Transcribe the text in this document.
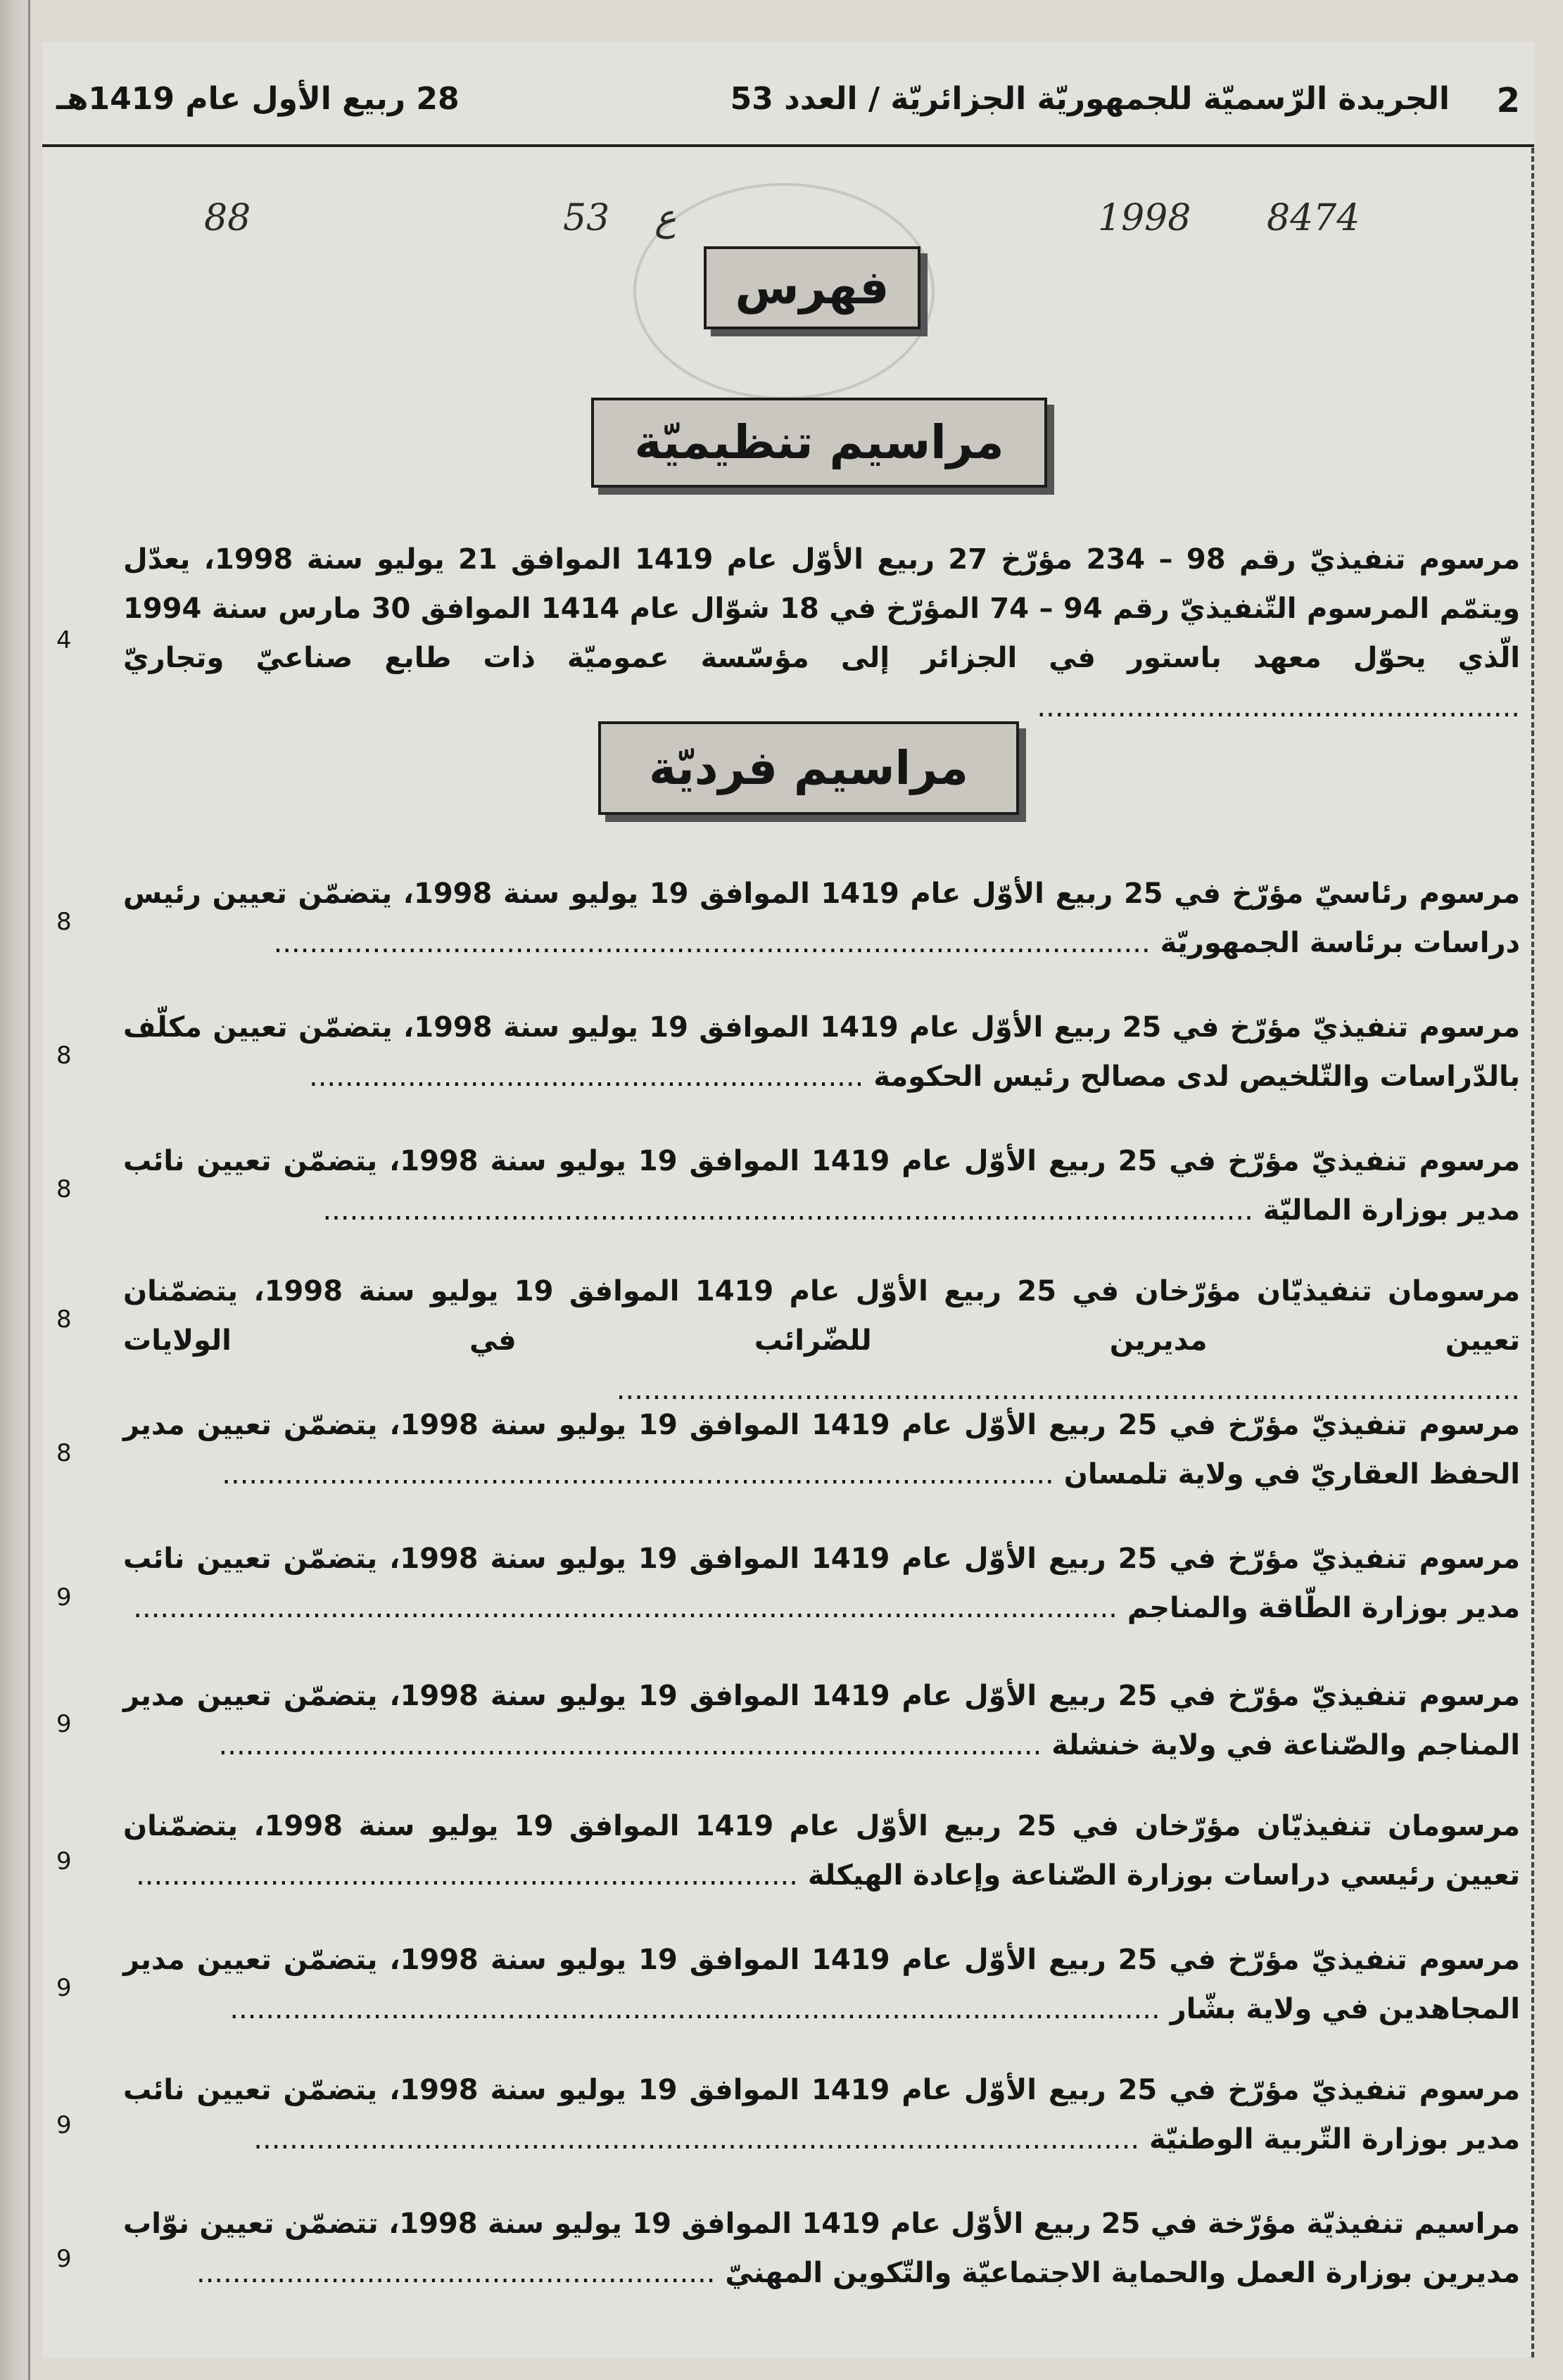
2
الجريدة الرّسميّة للجمهوريّة الجزائريّة / العدد 53
28 ربيع الأول عام 1419هـ
8474
1998
ع
53
88
فهرس
مراسيم تنظيميّة
مرسوم تنفيذيّ رقم 98 – 234 مؤرّخ 27 ربيع الأوّل عام 1419 الموافق 21 يوليو سنة 1998، يعدّل ويتمّم المرسوم التّنفيذيّ رقم 94 – 74 المؤرّخ في 18 شوّال عام 1414 الموافق 30 مارس سنة 1994 الّذي يحوّل معهد باستور في الجزائر إلى مؤسّسة عموميّة ذات طابع صناعيّ وتجاريّ ......................................................
4
مراسيم فرديّة
مرسوم رئاسيّ مؤرّخ في 25 ربيع الأوّل عام 1419 الموافق 19 يوليو سنة 1998، يتضمّن تعيين رئيس دراسات برئاسة الجمهوريّة ..................................................................................................
8
مرسوم تنفيذيّ مؤرّخ في 25 ربيع الأوّل عام 1419 الموافق 19 يوليو سنة 1998، يتضمّن تعيين مكلّف بالدّراسات والتّلخيص لدى مصالح رئيس الحكومة ..............................................................
8
مرسوم تنفيذيّ مؤرّخ في 25 ربيع الأوّل عام 1419 الموافق 19 يوليو سنة 1998، يتضمّن تعيين نائب مدير بوزارة الماليّة ........................................................................................................
8
مرسومان تنفيذيّان مؤرّخان في 25 ربيع الأوّل عام 1419 الموافق 19 يوليو سنة 1998، يتضمّنان تعيين مديرين للضّرائب في الولايات .....................................................................................................
8
مرسوم تنفيذيّ مؤرّخ في 25 ربيع الأوّل عام 1419 الموافق 19 يوليو سنة 1998، يتضمّن تعيين مدير الحفظ العقاريّ في ولاية تلمسان .............................................................................................
8
مرسوم تنفيذيّ مؤرّخ في 25 ربيع الأوّل عام 1419 الموافق 19 يوليو سنة 1998، يتضمّن تعيين نائب مدير بوزارة الطّاقة والمناجم ..............................................................................................................
9
مرسوم تنفيذيّ مؤرّخ في 25 ربيع الأوّل عام 1419 الموافق 19 يوليو سنة 1998، يتضمّن تعيين مدير المناجم والصّناعة في ولاية خنشلة ............................................................................................
9
مرسومان تنفيذيّان مؤرّخان في 25 ربيع الأوّل عام 1419 الموافق 19 يوليو سنة 1998، يتضمّنان تعيين رئيسي دراسات بوزارة الصّناعة وإعادة الهيكلة ..........................................................................
9
مرسوم تنفيذيّ مؤرّخ في 25 ربيع الأوّل عام 1419 الموافق 19 يوليو سنة 1998، يتضمّن تعيين مدير المجاهدين في ولاية بشّار ........................................................................................................
9
مرسوم تنفيذيّ مؤرّخ في 25 ربيع الأوّل عام 1419 الموافق 19 يوليو سنة 1998، يتضمّن تعيين نائب مدير بوزارة التّربية الوطنيّة ...................................................................................................
9
مراسيم تنفيذيّة مؤرّخة في 25 ربيع الأوّل عام 1419 الموافق 19 يوليو سنة 1998، تتضمّن تعيين نوّاب مديرين بوزارة العمل والحماية الاجتماعيّة والتّكوين المهنيّ ..........................................................
9
